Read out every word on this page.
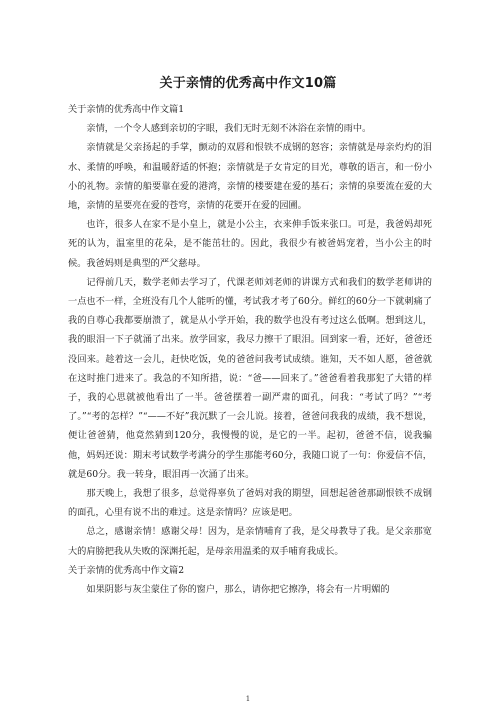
关于亲情的优秀高中作文10篇

关于亲情的优秀高中作文篇1

亲情，一个令人感到亲切的字眼，我们无时无刻不沐浴在亲情的雨中。

亲情就是父亲扬起的手掌，颤动的双唇和恨铁不成钢的怒容；亲情就是母亲灼灼的泪水、柔情的呼唤，和温暖舒适的怀抱；亲情就是子女肯定的目光，尊敬的语言，和一份小小的礼物。亲情的船要靠在爱的港湾，亲情的楼要建在爱的基石；亲情的泉要流在爱的大地，亲情的星要亮在爱的苍穹，亲情的花要开在爱的园圃。

也许，很多人在家不是小皇上，就是小公主，衣来伸手饭来张口。可是，我爸妈却死死的认为，温室里的花朵，是不能茁壮的。因此，我很少有被爸妈宠着，当小公主的时候。我爸妈则是典型的严父慈母。

记得前几天，数学老师去学习了，代课老师刘老师的讲课方式和我们的数学老师讲的一点也不一样，全班没有几个人能听的懂，考试我才考了60分。鲜红的60分一下就刺痛了我的自尊心我都要崩溃了，就是从小学开始，我的数学也没有考过这么低啊。想到这儿，我的眼泪一下子就涌了出来。放学回家，我尽力擦干了眼泪。回到家一看，还好，爸爸还没回来。趁着这一会儿，赶快吃饭，免的爸爸问我考试成绩。谁知，天不如人愿，爸爸就在这时推门进来了。我急的不知所措，说：“爸——回来了。”爸爸看着我那犯了大错的样子，我的心思就被他看出了一半。爸爸摆着一副严肃的面孔，问我：“考试了吗？”“考了。”“考的怎样？”“——不好”我沉默了一会儿说。接着，爸爸问我我的成绩，我不想说，便让爸爸猜，他竟然猜到120分，我慢慢的说，是它的一半。起初，爸爸不信，说我骗他，妈妈还说：期末考试数学考满分的学生那能考60分，我随口说了一句：你爱信不信，就是60分。我一转身，眼泪再一次涌了出来。

那天晚上，我想了很多，总觉得辜负了爸妈对我的期望，回想起爸爸那副恨铁不成钢的面孔，心里有说不出的难过。这是亲情吗？应该是吧。

总之，感谢亲情！感谢父母！因为，是亲情哺育了我，是父母教导了我。是父亲那宽大的肩膀把我从失败的深渊托起，是母亲用温柔的双手哺育我成长。

关于亲情的优秀高中作文篇2

如果阴影与灰尘蒙住了你的窗户，那么，请你把它擦净，将会有一片明媚的

1
